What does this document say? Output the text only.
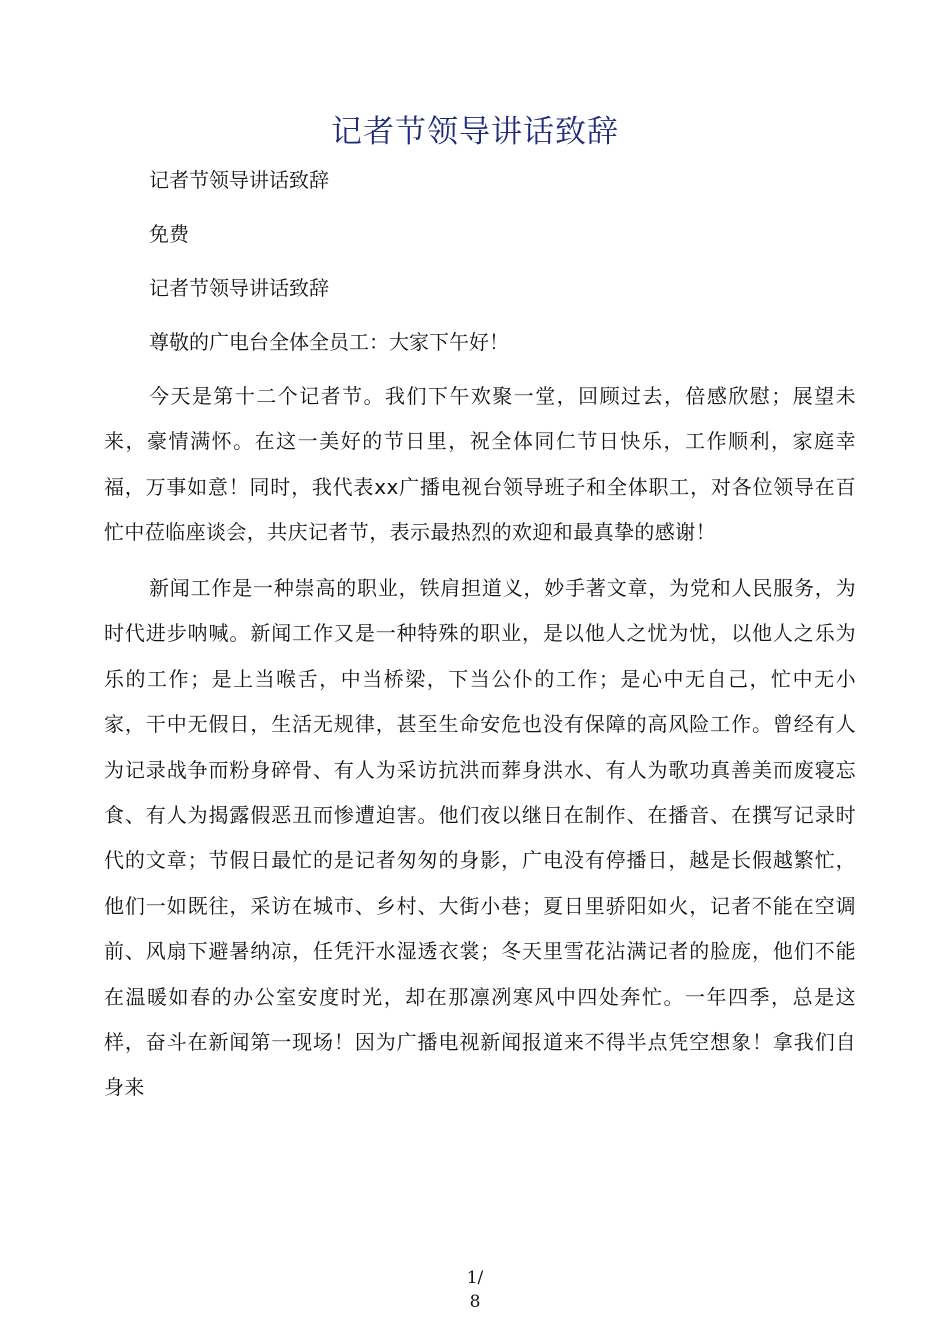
记者节领导讲话致辞
记者节领导讲话致辞
免费
记者节领导讲话致辞
尊敬的广电台全体全员工：大家下午好！

今天是第十二个记者节。我们下午欢聚一堂，回顾过去，倍感欣慰；展望未来，豪情满怀。在这一美好的节日里，祝全体同仁节日快乐，工作顺利，家庭幸福，万事如意！同时，我代表xx广播电视台领导班子和全体职工，对各位领导在百忙中莅临座谈会，共庆记者节，表示最热烈的欢迎和最真挚的感谢！

新闻工作是一种崇高的职业，铁肩担道义，妙手著文章，为党和人民服务，为时代进步呐喊。新闻工作又是一种特殊的职业，是以他人之忧为忧，以他人之乐为乐的工作；是上当喉舌，中当桥梁，下当公仆的工作；是心中无自己，忙中无小家，干中无假日，生活无规律，甚至生命安危也没有保障的高风险工作。曾经有人为记录战争而粉身碎骨、有人为采访抗洪而葬身洪水、有人为歌功真善美而废寝忘食、有人为揭露假恶丑而惨遭迫害。他们夜以继日在制作、在播音、在撰写记录时代的文章；节假日最忙的是记者匆匆的身影，广电没有停播日，越是长假越繁忙，他们一如既往，采访在城市、乡村、大街小巷；夏日里骄阳如火，记者不能在空调前、风扇下避暑纳凉，任凭汗水湿透衣裳；冬天里雪花沾满记者的脸庞，他们不能在温暖如春的办公室安度时光，却在那凛冽寒风中四处奔忙。一年四季，总是这样，奋斗在新闻第一现场！因为广播电视新闻报道来不得半点凭空想象！拿我们自身来

1/
8
